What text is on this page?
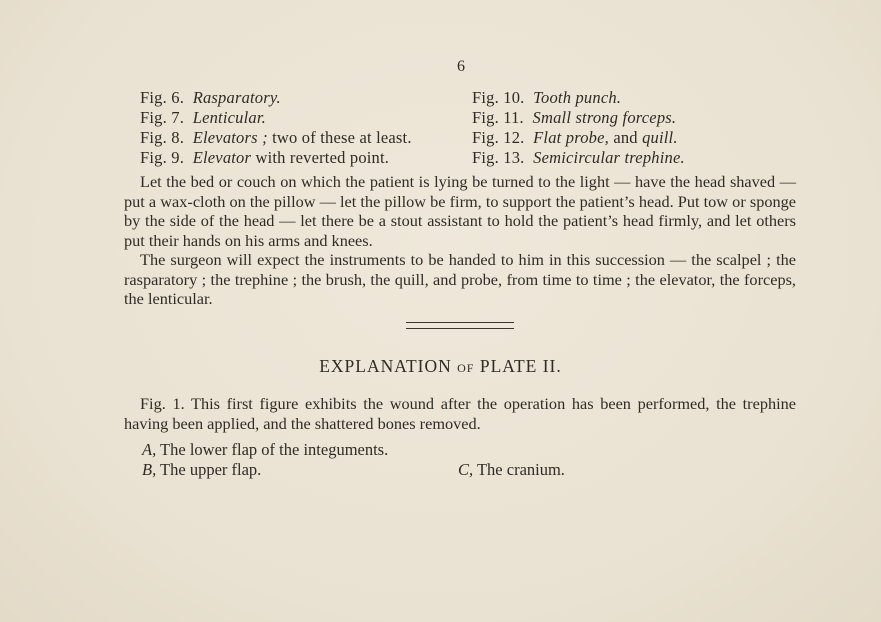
6
Fig. 6. Rasparatory.
Fig. 7. Lenticular.
Fig. 8. Elevators ; two of these at least.
Fig. 9. Elevator with reverted point.
Fig. 10. Tooth punch.
Fig. 11. Small strong forceps.
Fig. 12. Flat probe, and quill.
Fig. 13. Semicircular trephine.

Let the bed or couch on which the patient is lying be turned to the light — have the head shaved — put a wax-cloth on the pillow — let the pillow be firm, to support the patient’s head. Put tow or sponge by the side of the head — let there be a stout assistant to hold the patient’s head firmly, and let others put their hands on his arms and knees.

The surgeon will expect the instruments to be handed to him in this succession — the scalpel ; the rasparatory ; the trephine ; the brush, the quill, and probe, from time to time ; the elevator, the forceps, the lenticular.

EXPLANATION OF PLATE II.

Fig. 1. This first figure exhibits the wound after the operation has been performed, the trephine having been applied, and the shattered bones removed.

A, The lower flap of the integuments.
B, The upper flap.	C, The cranium.
